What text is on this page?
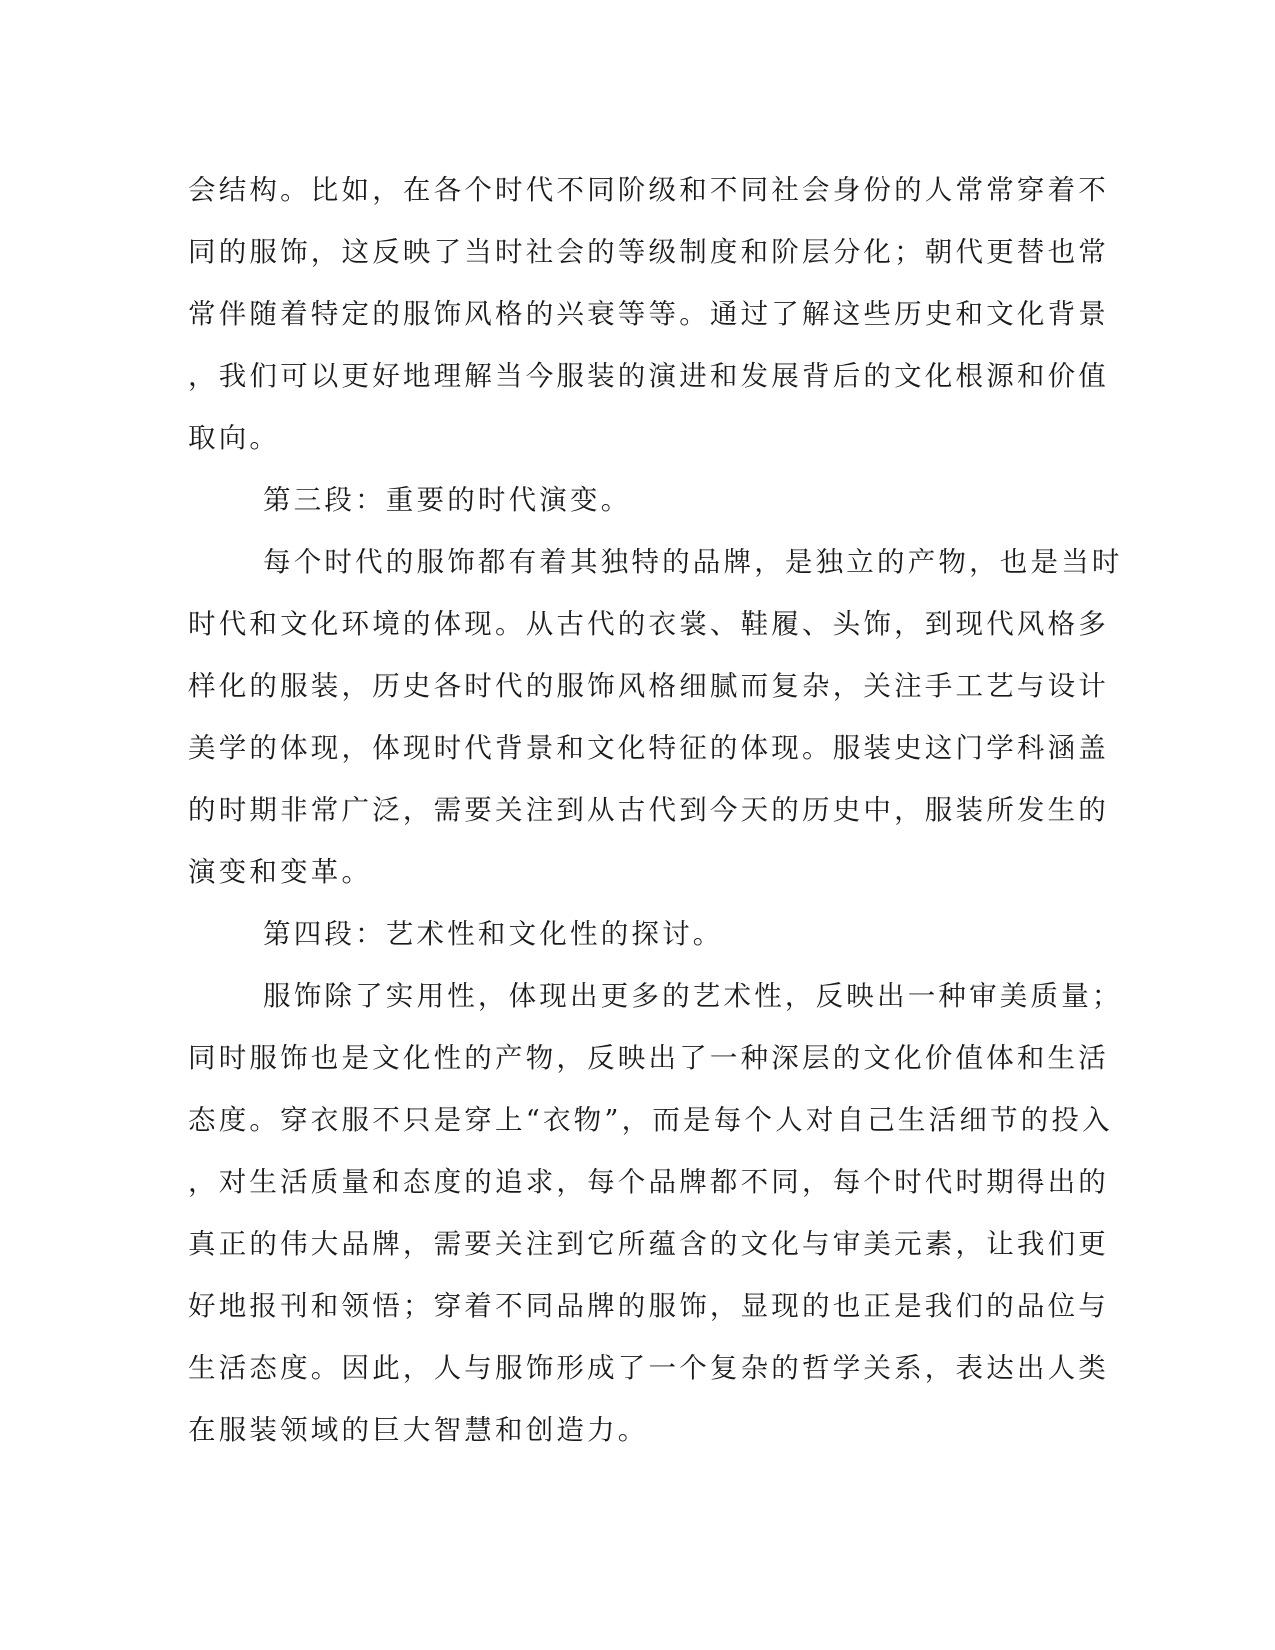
会结构。比如，在各个时代不同阶级和不同社会身份的人常常穿着不
同的服饰，这反映了当时社会的等级制度和阶层分化；朝代更替也常
常伴随着特定的服饰风格的兴衰等等。通过了解这些历史和文化背景
，我们可以更好地理解当今服装的演进和发展背后的文化根源和价值
取向。
第三段：重要的时代演变。
每个时代的服饰都有着其独特的品牌，是独立的产物，也是当时
时代和文化环境的体现。从古代的衣裳、鞋履、头饰，到现代风格多
样化的服装，历史各时代的服饰风格细腻而复杂，关注手工艺与设计
美学的体现，体现时代背景和文化特征的体现。服装史这门学科涵盖
的时期非常广泛，需要关注到从古代到今天的历史中，服装所发生的
演变和变革。
第四段：艺术性和文化性的探讨。
服饰除了实用性，体现出更多的艺术性，反映出一种审美质量；
同时服饰也是文化性的产物，反映出了一种深层的文化价值体和生活
态度。穿衣服不只是穿上“衣物”，而是每个人对自己生活细节的投入
，对生活质量和态度的追求，每个品牌都不同，每个时代时期得出的
真正的伟大品牌，需要关注到它所蕴含的文化与审美元素，让我们更
好地报刊和领悟；穿着不同品牌的服饰，显现的也正是我们的品位与
生活态度。因此，人与服饰形成了一个复杂的哲学关系，表达出人类
在服装领域的巨大智慧和创造力。
